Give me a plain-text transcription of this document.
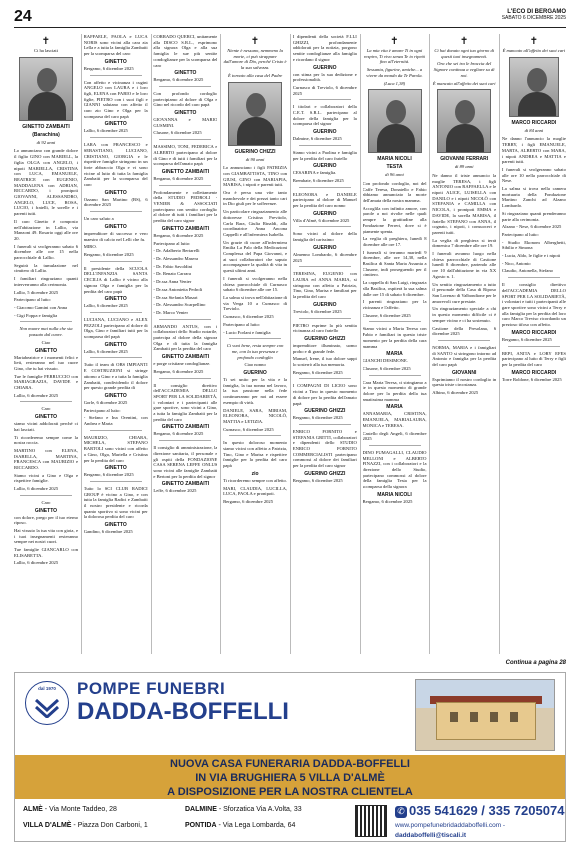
24	L'ECO DI BERGAMO
SABATO 6 DICEMBRE 2025
✝
Ci ha lasciati
GINETTO ZAMBAITI
(Barachina)
di 92 anni
Lo annunciano con grande dolore il figlio GINO con MARIELL, la figlia OLGA con ANGELO, i nipoti MARIELLA, CRISTINA con LUCA, EMANUELE, BEATRICE con EUGENIO, MADDALENA con ADRIAN, RICCARDO, i pronipoti GIOVANNI, ALESSANDRO, ANGELO, LUCE, ROSA, LUCIO, i fratelli, le sorelle e i parenti tutti.
Il caro Ginetto è composto nell'abitazione in Lallio, via Manzoni 49. Rosario oggi alle ore 20.
I funerali si svolgeranno sabato 6 dicembre alle ore 15 nella parrocchiale di Lallio.
Seguirà la tumulazione nel cimitero di Lallio.
I familiari ringraziano quanti interverranno alla cerimonia.
Lallio, 5 dicembre 2025
Partecipano al lutto:
- Giacomo Gamini con Anna
- Gigi Foppa e famiglia
Non muore mai nulla che sia passato dal cuore.
Ciao
GINETTO
Mariabeatrice e i momenti felici e lieti, resteranno nel tuo cuore Gino, che tu hai vissuto.
Tue le famiglie FERRUCCIO con MARIAGRAZIA, DAVIDE e CHIARA.
Lallio, 6 dicembre 2025
Caro
GINETTO
siamo vicini addolorati perché ci hai lasciati.
Ti ricorderemo sempre come la nostra roccia.
MARTINO con ELENA, ISABELLA, MARTINA, FRANCESCA con MAURIZIO e RICCARDO.
Siamo vicini a Gino e Olga e rispettive famiglie.
Lallio, 6 dicembre 2025
Caro
GINETTO
con dolore, prego per il tuo eterno riposo.
Hai vissuto la tua vita con gioia, e i tuoi insegnamenti resteranno sempre nei nostri cuori.
Tue famiglie GIANCARLO con ELISABETTA.
Lallio, 6 dicembre 2025
RAFFAELE, PAOLA e LUCA NORIS sono vicini alla cara zia Lella e a tutta la famiglia Zambaiti per la scomparsa del caro
GINETTO
Bergamo, 6 dicembre 2025
Con affetto e vicinanza i cugini ANGELO con LAURA e i loro figli, ELENA con FABIO e le loro figlie, PIETRO con i suoi figli e GIANNI salutano con affetto il caro zio Gino e Olga per la scomparsa del caro papà
GINETTO
Lallio, 6 dicembre 2025
LARA con FRANCESCO e SEBASTIANO, LUCIANO, CRISTIANO, GIORGIA e le rispettive famiglie stringono in un forte abbraccio Olga e vi sono vicine al lutto di tutta la famiglia Zambaiti per la scomparsa del caro
GINETTO
Ozzano San Martino (BS), 6 dicembre 2025
Un caro saluto a
GINETTO
imprenditore di successo e vero maestro di calcio nel Lelli che fu.
MIRO.
Bergamo, 6 dicembre 2025
Il presidente della SCUOLA DELL'INFANZIA SANTA CECILIA di Lallio è vicino alla signora Olga e famiglia per la perdita del caro papà
GINETTO
Lallio, 6 dicembre 2025
LUCIANA, LUCIANO e ALEX PEZZOLI partecipano al dolore di Olga, Gino e familiari tutti per la scomparsa del papà
GINETTO
Lallio, 6 dicembre 2025
Tutto il team di OBS IMPIANTI E COSTRUZIONI si stringe attorno a Gino e a tutta la famiglia Zambaiti, condividendo il dolore per questo grande perdita di
GINETTO
Gorle, 6 dicembre 2025
Partecipano al lutto:
- Stefano e Ina Orentini, con Andrea e Marta
MAURIZIO, CHIARA, MICHELA, STEFANO BARTOLI sono vicini con affetto a Gino, Olga, Mariella e Cristina per la perdita del caro
GINETTO
Bergamo, 6 dicembre 2025
Tutto lo SCI CLUB RADICI GROUP è vicino a Gino, e con tutta la famiglia Radici e Zambaiti il nostro presidente e ricorda quanto sportivo si sono vicini per la dolorosa perdita del caro
GINETTO
Gandino, 6 dicembre 2025
CORRADO QUERCI, unitamente alla DISCO S.R.L., esprimono alla signora Olga e alla sua famiglia le sue più sentite condoglianze per la scomparsa del caro
GINETTO
Bergamo, 6 dicembre 2025
Con profondo cordoglio partecipiamo al dolore di Olga e Gino nel ricordo del caro papà
GINETTO
GIOVANNA e MARIO GUSMINI.
Clusone, 6 dicembre 2025
MASSIMO, TONI, FEDERICA e ALBERTO partecipano al dolore di Gino e di tutti i familiari per la scomparsa dell'amato papà
GINETTO ZAMBAITI
Bergamo, 6 dicembre 2025
Profondamente e collettamente della STUDIO PEDROLI - VENIER & ASSOCIATI partecipano con sentito cordoglio al dolore di tutti i familiari per la perdita del caro signor
GINETTO ZAMBAITI
Bergamo, 6 dicembre 2025
Partecipano al lutto:
- Dr. Adalberto Bertarelli
- Dr. Alessandro Masera
- Dr. Fabio Savoldini
- Dr. Renato Carrara
- Dr.ssa Anna Venier
- Dr.ssa Antonietta Pedroli
- Dr.ssa Stefania Masari
- Dr. Alessandro Scarpellino
- Dr. Marco Venier
ARMANDO ANTUS, con i collaboratori dello Studio notarile, partecipa al dolore della signora Olga e di tutta la famiglia Zambaiti per la perdita del caro
GINETTO ZAMBAITI
e porge cristiane condoglianze.
Bergamo, 6 dicembre 2025
Il consiglio direttivo dell'ACCADEMIA DELLO SPORT PER LA SOLIDARIETÀ, i volontari e i partecipanti alle gare sportive, sono vicini a Gino, a tutta la famiglia Zambaiti per la perdita del caro
GINETTO ZAMBAITI
Bergamo, 6 dicembre 2025
Il consiglio di amministrazione, la direzione sanitaria, il personale e gli ospiti della FONDAZIONE CASA SERENA LEFFE ONLUS sono vicini alle famiglie Zambaiti e Bertoni per la perdita del signor
GINETTO ZAMBAITI
Leffe, 6 dicembre 2025
✝
Niente è nessuno, nemmeno la morte, ci può strappare dall'amore di Dio, perché Cristo è la sua salvezza.
È tornato alla casa del Padre
GUERINO CHIZZI
di 90 anni
Lo annunciano i figli PATRIZIA con GIAMBATTISTA, TINO con GIUSI, GINO con MARIAPIA, MARISA, i nipoti e parenti tutti.
Ora è persa una vite tanto manchevole e dei prezzi tanto cari in Dio giuli per le sofferenze.
Un particolare ringraziamento alle dottoresse Cristina Previtolo, Carla Bara, Giulia Rinaldi, alla coordinatrice Anna Ancona Cappelli e all'infermiera Isabella.
Un grazie di cuore all'infermiera Emilia La Palo della Medicazioni Complessa del Papa Giovanni, e ai suoi collaboratori che saputo accompagnare la qualità di vita in questi ultimi anni.
I funerali si svolgeranno nella chiesa parrocchiale di Curnasco sabato 6 dicembre alle ore 15.
La salma si trova nell'abitazione di via Verga 10 a Curnasco di Treviolo.
Curnasco, 6 dicembre 2025
Partecipano al lutto:
- Lucio Forlani e famiglia
Ci vuoi bene, resta sempre con me, con la tua presenza e profondo cordoglio
Ciao nonno
GUERINO
Ti sei unito per la vita e la famiglia, la tua nonna nel lavoro, la tua passione nella fede continueranno per noi ad essere esempio di virtù.
DANIELE, SARA, MIRIAM, ELEONORA, NICOLÒ, MATTIA e LETIZIA.
Curnasco, 6 dicembre 2025
In questo doloroso momento siamo vicini con affetto a Patrizia, Tino, Gino e Marisa e rispettive famiglie per la perdita del caro papà
zio
Ti ricorderemo sempre con affetto.
MARI, CLAUDIA, LUCILLA, LUCA, PAOLA e pronipoti.
Bergamo, 6 dicembre 2025
I dipendenti della società F.LLI GHIZZI, profondamente addolorati per la notizia, porgono sentite condoglianze alla famiglia e ricordano il signor
GUERINO
con stima per la sua dedizione e professionalità.
Curnasco di Treviolo, 6 dicembre 2025
I titolari e collaboratori della C.E.T. S.R.L. partecipano al dolore della famiglia per la scomparsa del signor
GUERINO
Dalmine, 6 dicembre 2025
Siamo vicini a Paolina e famiglia per la perdita del caro fratello
GUERINO
CESARINA e famiglia.
Brembate, 6 dicembre 2025
ELEONORA e DANIELE partecipano al dolore di Manuel per la perdita del caro nonno
GUERINO
Villa d'Almè, 6 dicembre 2025
Sono vicini al dolore della famiglia del carissimo
GUERINO
Almenno Lombardo, 6 dicembre 2025
TERESINA, EUGENIO con LAURA ed ANNA MARIA, si stringono con affetto a Patrizia, Tino, Gino, Marisa e familiari per la perdita del caro
GUERINO
Treviolo, 6 dicembre 2025
PIETRO esprime la più sentita vicinanza al caro fratello
GUERINO GHIZZI
imprenditore illuminato, uomo probo e di grande fede.
Manuel, Irene, il tuo dolore sappi lo sosterrò alla tua memoria.
Bergamo, 6 dicembre 2025
I COMPAGNI DI LICEO sono vicini a Tino in questo momento di dolore per la perdita dell'amato papà
GUERINO GHIZZI
Bergamo, 6 dicembre 2025
ENRICO FORNITO e STEFANIA GRITTI, collaboratori e dipendenti dello STUDIO ENRICO FORNITO COMMERCIALISTI partecipano commossi al dolore dei familiari per la perdita del caro signor
GUERINO GHIZZI
Bergamo, 6 dicembre 2025
✝
La mia vita è amare Ti in ogni respiro, Ti vivo senza Te io ripetò fino all'eternità.
Sessanta, figurine, amiche... a vivere da mondo da Te Parola.
(Luca 1,38)
MARIA NICOLI
TESTA
di 96 anni
Con profondo cordoglio, noi del Caffe Teresa, Donatello e Fabio abbiamo annunciato la morte dell'amata della nostra mamma.
Accoglila con infinito amore, con parole a noi rivolte nelle quali sempre la gratitudine alla Fondazione Ferreri, dove si è piamente spenta.
La veglia di preghiera, lunedì 8 dicembre alle ore 17.
I funerali si terranno martedì 9 dicembre, alle ore 14,30, nella Basilica di Santa Maria Assunta a Clusone, indi proseguendo per il cimitero.
La cappella di San Luigi, ringrazia alla Basilica, ospiterà la sua salma dalle ore 15 di sabato 6 dicembre.
I parenti ringraziano per la vicinanza e l'affetto.
Clusone, 6 dicembre 2025
Siamo vicini a Maria Teresa con Fabio e familiari in questo triste momento per la perdita della cara mamma
MARIA
GIANCHI DESIMONE.
Clusone, 6 dicembre 2025
Cara Maria Teresa, ci stringiamo a te in questo momento di grande dolore per la perdita della tua amatissima mamma
MARIA
ANNAMARIA, CRISTINA, EMANUELA, MARIALAURA, MONICA e TERESA.
Castello degli Angeli, 6 dicembre 2025
DINO FUMAGALLI, CLAUDIO MELLONI e ALBERTO FINAZZI, con i collaboratori e la direzione dello Studio, partecipano commossi al dolore della famiglia Testa per la scomparsa della signora
MARIA NICOLI
Bergamo, 6 dicembre 2025
✝
Ci hai donato ogni tuo giorno di questi tuoi insegnamenti.
Ora che sei tra le braccia del Signore continua a vegliare su di noi.
È mancato all'affetto dei suoi cari
GIOVANNI FERRARI
di 89 anni
Ne danno il triste annuncio la moglie TERESA, i figli ANTONIO con RAFFAELLA e le nipoti ALICE, LUISELLA con DANILO e i nipoti NICOLÒ con STEFANIA e CAMILLA con NICOLA, i pronipoti EMMA e DAVIDE, la sorella MARISA, il fratello STEFANO con ANNA, il cognato, i nipoti, i consuoceri e parenti tutti.
La veglia di preghiera si terrà domenica 7 dicembre alle ore 19.
I funerali avranno luogo nella chiesa parrocchiale di Castione lunedì 8 dicembre, partendo alle ore 10 dall'abitazione in via XX Agosto n. 1.
Un sentito ringraziamento a tutto il personale della Casa di Riposo San Lorenzo di Valbondione per le amorevoli cure prestate.
Un ringraziamento speciale a chi in questo momento difficile ci è sempre vicino e ci ha sostenuto.
Castione della Presolana, 6 dicembre 2025
NORMA, MARIA e i famigliari di SANTO si stringono intorno ad Antonio e famiglia per la perdita del caro papà
GIOVANNI
Esprimiamo il nostro cordoglio in questa triste circostanza.
Albino, 6 dicembre 2025
✝
È mancato all'affetto dei suoi cari
MARCO RICCARDI
di 84 anni
Ne danno l'annuncio la moglie TERRY, i figli EMANUELE, MARTA, ALBERTO con MARA, i nipoti ANDREA e MATTIA e parenti tutti.
I funerali si svolgeranno sabato alle ore 10 nella parrocchiale di Nese.
La salma si trova nella camera mortuaria della Fondazione Martino Zanchi ad Alzano Lombardo.
Si ringraziano quanti prenderanno parte alla cerimonia.
Alzano - Nese, 6 dicembre 2025
Partecipano al lutto:
- Studio Ekonom Alberghetti, Sibilio e Simona
- Lucia, Aldo, le figlie e i nipoti
- Nico, Antonio
Claudio, Antonella, Stefano
Il consiglio direttivo dell'ACCADEMIA DELLO SPORT PER LA SOLIDARIETÀ, i volontari e tutti i partecipanti alle gare sportive sono vicini a Terry e alla famiglia per la perdita del loro caro Marco Treviso ricordando un prezioso tifoso con affetto.
MARCO RICCARDI
Bergamo, 6 dicembre 2025
BEPI, ANITA e LORY EFES partecipano al lutto di Terry e figli per la perdita del caro
MARCO RICCARDI
Torre Boldone, 6 dicembre 2025
Continua a pagina 28
dal 1970	POMPE FUNEBRI
DADDA-BOFFELLI
NUOVA CASA FUNERARIA DADDA-BOFFELLI
IN VIA BRUGHIERA 5 VILLA D'ALMÈ
A DISPOSIZIONE PER LA NOSTRA CLIENTELA
ALMÈ - Via Monte Taddeo, 28
VILLA D'ALMÈ - Piazza Don Carboni, 1
DALMINE - Sforzatica Via A.Volta, 33
PONTIDA - Via Lega Lombarda, 64
✆ 035 541629 / 335 7205074
www.pompefunebridaddaboffelli.com - daddaboffelli@tiscali.it
